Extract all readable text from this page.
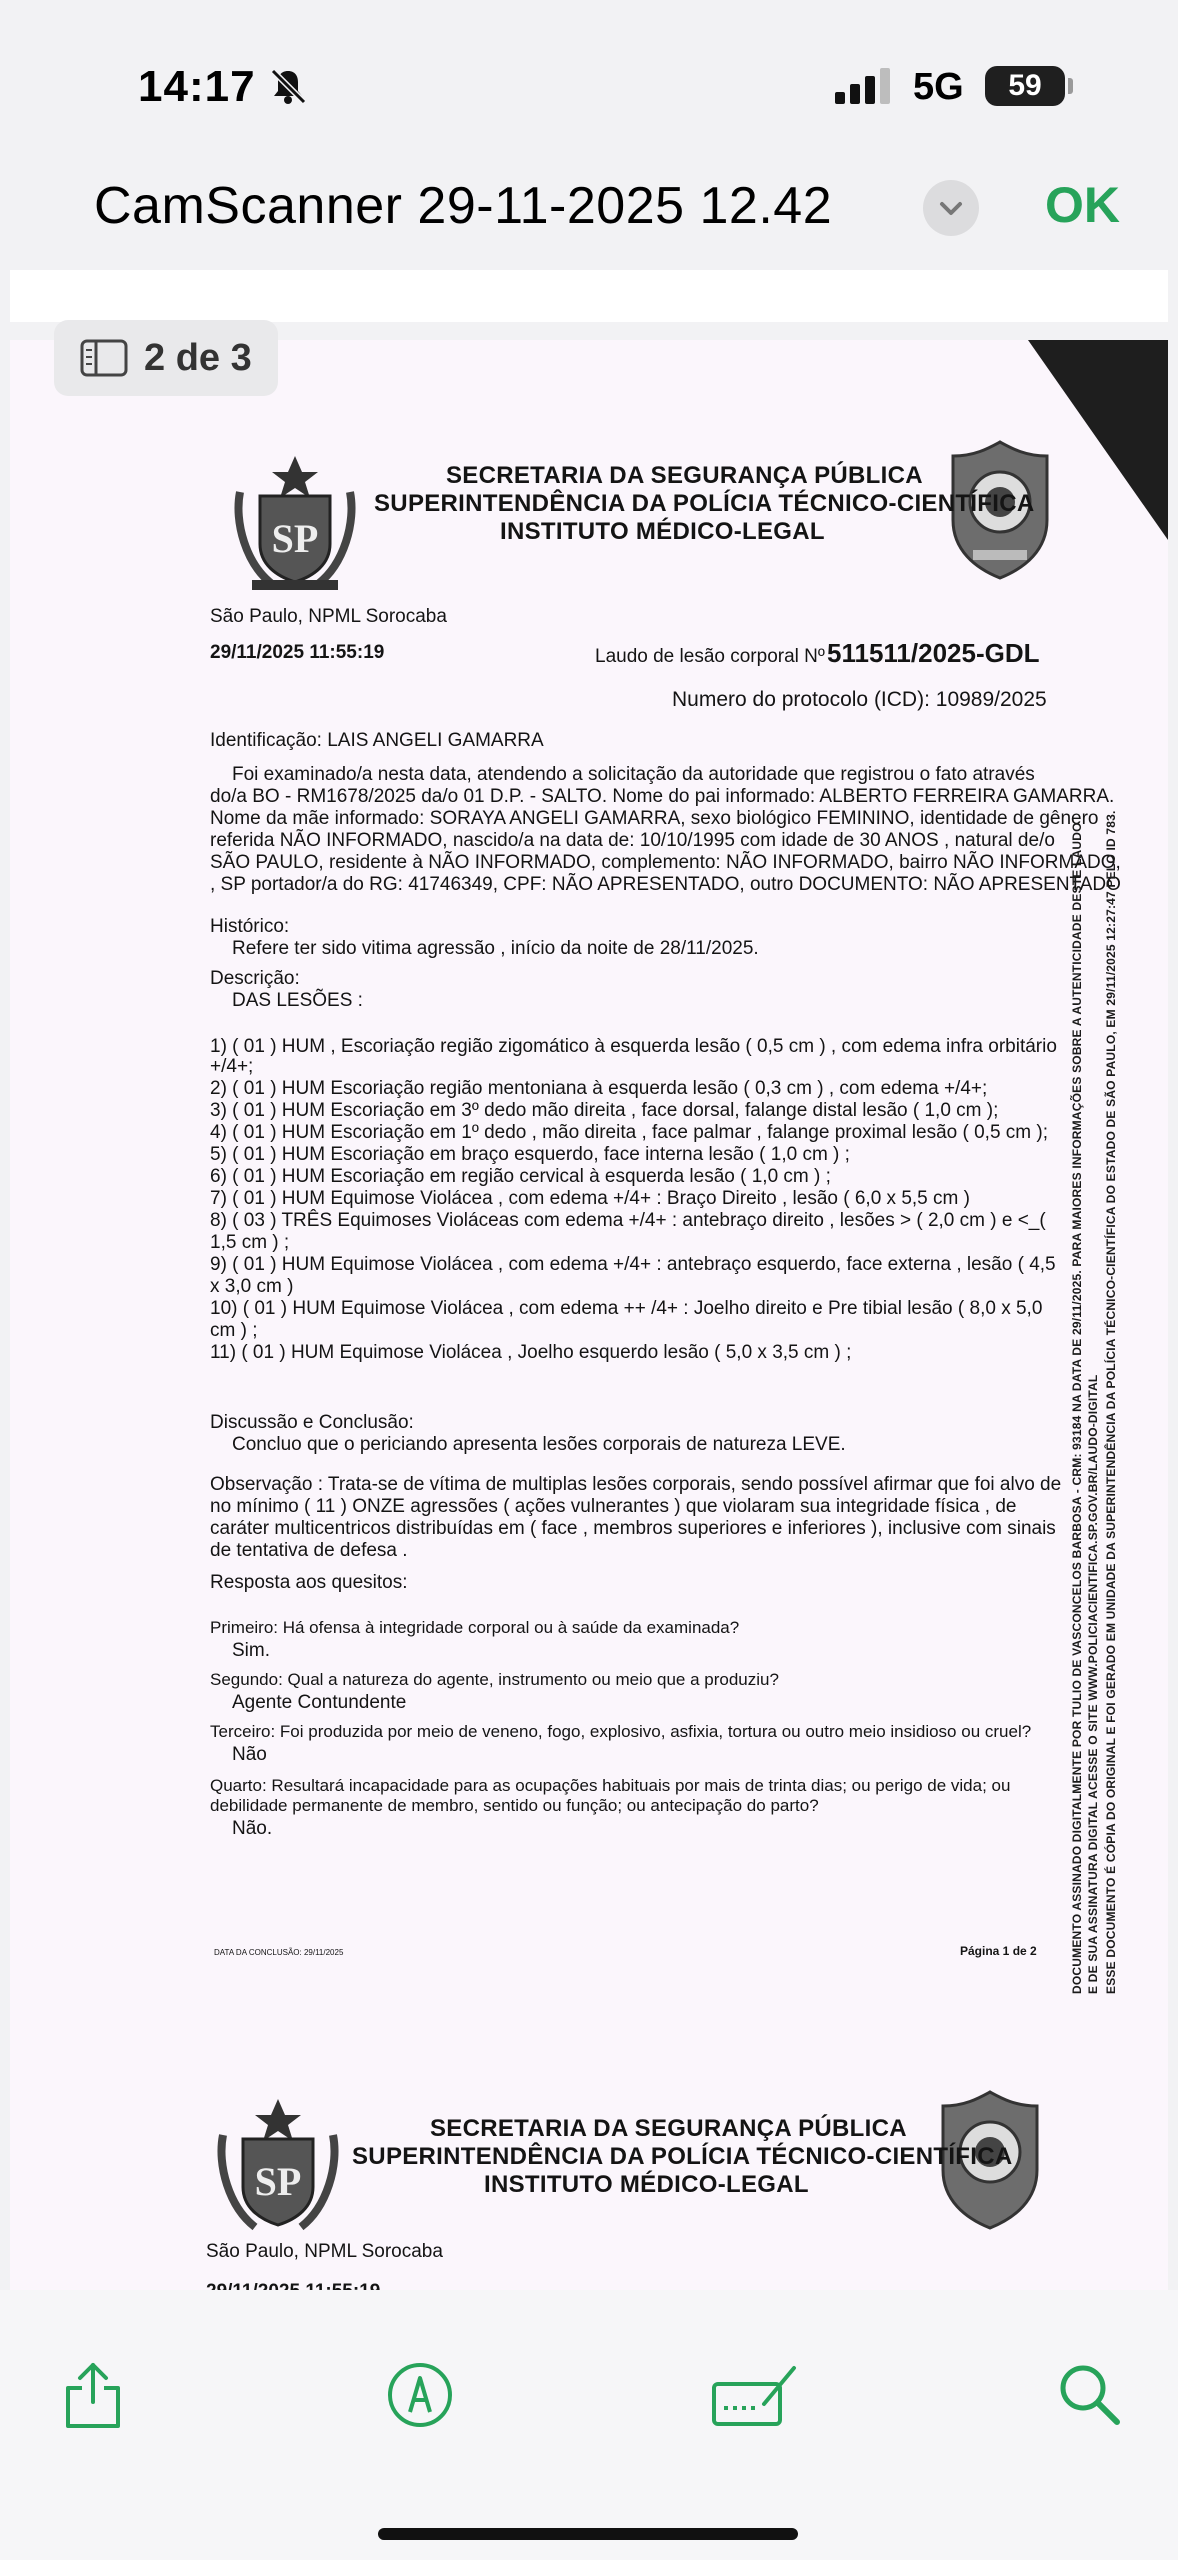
14:17	5G	59
CamScanner 29-11-2025 12.42	OK
SP
SECRETARIA DA SEGURANÇA PÚBLICA
SUPERINTENDÊNCIA DA POLÍCIA TÉCNICO-CIENTÍFICA
INSTITUTO MÉDICO-LEGAL
São Paulo, NPML Sorocaba
29/11/2025 11:55:19	Laudo de lesão corporal Nº 511511/2025-GDL
Numero do protocolo (ICD): 10989/2025
Identificação: LAIS ANGELI GAMARRA
Foi examinado/a nesta data, atendendo a solicitação da autoridade que registrou o fato através
do/a BO - RM1678/2025 da/o 01 D.P. - SALTO. Nome do pai informado: ALBERTO FERREIRA GAMARRA.
Nome da mãe informado: SORAYA ANGELI GAMARRA, sexo biológico FEMININO, identidade de gênero
referida NÃO INFORMADO, nascido/a na data de: 10/10/1995 com idade de 30 ANOS , natural de/o
SÃO PAULO, residente à NÃO INFORMADO, complemento: NÃO INFORMADO, bairro NÃO INFORMADO,
, SP portador/a do RG: 41746349, CPF: NÃO APRESENTADO, outro DOCUMENTO: NÃO APRESENTADO
Histórico:
Refere ter sido vitima agressão , início da noite de 28/11/2025.
Descrição:
DAS LESÕES :
1) ( 01 ) HUM , Escoriação região zigomático à esquerda lesão ( 0,5 cm ) , com edema infra orbitário
+/4+;
2) ( 01 ) HUM Escoriação região mentoniana à esquerda lesão ( 0,3 cm ) , com edema +/4+;
3) ( 01 ) HUM Escoriação em 3º dedo mão direita , face dorsal, falange distal lesão ( 1,0 cm );
4) ( 01 ) HUM Escoriação em 1º dedo , mão direita , face palmar , falange proximal lesão ( 0,5 cm );
5) ( 01 ) HUM Escoriação em braço esquerdo, face interna lesão ( 1,0 cm ) ;
6) ( 01 ) HUM Escoriação em região cervical à esquerda lesão ( 1,0 cm ) ;
7) ( 01 ) HUM Equimose Violácea , com edema +/4+ : Braço Direito , lesão ( 6,0 x 5,5 cm )
8) ( 03 ) TRÊS Equimoses Violáceas com edema +/4+ : antebraço direito , lesões > ( 2,0 cm ) e <_(
1,5 cm ) ;
9) ( 01 ) HUM Equimose Violácea , com edema +/4+ : antebraço esquerdo, face externa , lesão ( 4,5
x 3,0 cm )
10) ( 01 ) HUM Equimose Violácea , com edema ++ /4+ : Joelho direito e Pre tibial lesão ( 8,0 x 5,0
cm ) ;
11) ( 01 ) HUM Equimose Violácea , Joelho esquerdo lesão ( 5,0 x 3,5 cm ) ;
Discussão e Conclusão:
Concluo que o periciando apresenta lesões corporais de natureza LEVE.
Observação : Trata-se de vítima de multiplas lesões corporais, sendo possível afirmar que foi alvo de
no mínimo ( 11 ) ONZE agressões ( ações vulnerantes ) que violaram sua integridade física , de
caráter multicentricos distribuídas em ( face , membros superiores e inferiores ), inclusive com sinais
de tentativa de defesa .
Resposta aos quesitos:
Primeiro: Há ofensa à integridade corporal ou à saúde da examinada?
Sim.
Segundo: Qual a natureza do agente, instrumento ou meio que a produziu?
Agente Contundente
Terceiro: Foi produzida por meio de veneno, fogo, explosivo, asfixia, tortura ou outro meio insidioso ou cruel?
Não
Quarto: Resultará incapacidade para as ocupações habituais por mais de trinta dias; ou perigo de vida; ou
debilidade permanente de membro, sentido ou função; ou antecipação do parto?
Não.
DATA DA CONCLUSÃO: 29/11/2025	Página 1 de 2	DOCUMENTO ASSINADO DIGITALMENTE POR TULIO DE VASCONCELOS BARBOSA - CRM: 93184 NA DATA DE 29/11/2025. PARA MAIORES INFORMAÇÕES SOBRE A AUTENTICIDADE DESTE LAUDO E DE SUA ASSINATURA DIGITAL ACESSE O SITE WWW.POLICIACIENTIFICA.SP.GOV.BR/LAUDO-DIGITAL ESSE DOCUMENTO É CÓPIA DO ORIGINAL E FOI GERADO EM UNIDADE DA SUPERINTENDÊNCIA DA POLÍCIA TÉCNICO-CIENTÍFICA DO ESTADO DE SÃO PAULO, EM 29/11/2025 12:27:47 PELO ID 783.
2 de 3
SP
SECRETARIA DA SEGURANÇA PÚBLICA
SUPERINTENDÊNCIA DA POLÍCIA TÉCNICO-CIENTÍFICA
INSTITUTO MÉDICO-LEGAL
São Paulo, NPML Sorocaba
